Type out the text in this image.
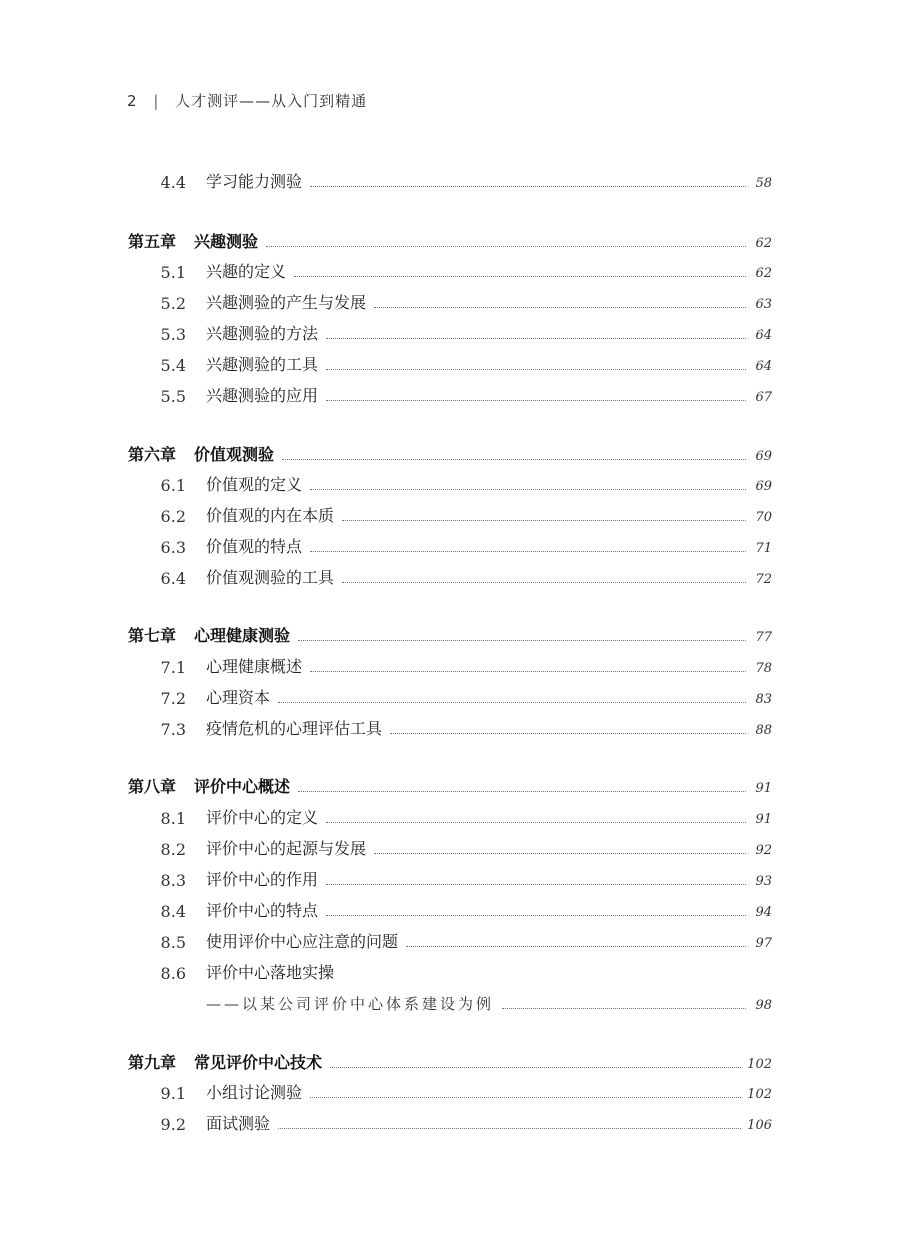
2 | 人才测评——从入门到精通
4.4 学习能力测验	58
第五章 兴趣测验	62
5.1 兴趣的定义	62
5.2 兴趣测验的产生与发展	63
5.3 兴趣测验的方法	64
5.4 兴趣测验的工具	64
5.5 兴趣测验的应用	67
第六章 价值观测验	69
6.1 价值观的定义	69
6.2 价值观的内在本质	70
6.3 价值观的特点	71
6.4 价值观测验的工具	72
第七章 心理健康测验	77
7.1 心理健康概述	78
7.2 心理资本	83
7.3 疫情危机的心理评估工具	88
第八章 评价中心概述	91
8.1 评价中心的定义	91
8.2 评价中心的起源与发展	92
8.3 评价中心的作用	93
8.4 评价中心的特点	94
8.5 使用评价中心应注意的问题	97
8.6 评价中心落地实操
——以某公司评价中心体系建设为例	98
第九章 常见评价中心技术	102
9.1 小组讨论测验	102
9.2 面试测验	106
